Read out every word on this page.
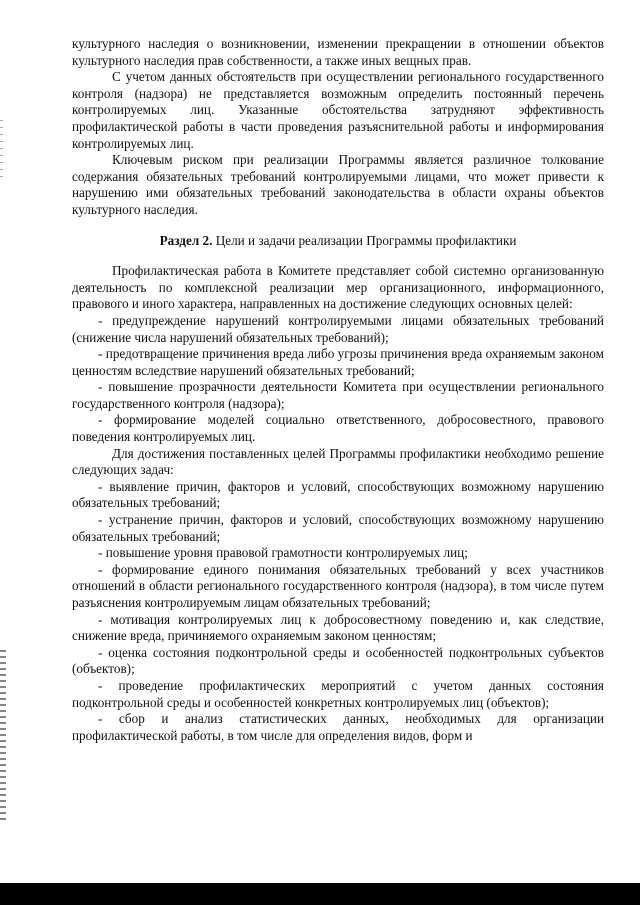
культурного наследия о возникновении, изменении прекращении в отношении объектов культурного наследия прав собственности, а также иных вещных прав.

С учетом данных обстоятельств при осуществлении регионального государственного контроля (надзора) не представляется возможным определить постоянный перечень контролируемых лиц. Указанные обстоятельства затрудняют эффективность профилактической работы в части проведения разъяснительной работы и информирования контролируемых лиц.

Ключевым риском при реализации Программы является различное толкование содержания обязательных требований контролируемыми лицами, что может привести к нарушению ими обязательных требований законодательства в области охраны объектов культурного наследия.

Раздел 2. Цели и задачи реализации Программы профилактики

Профилактическая работа в Комитете представляет собой системно организованную деятельность по комплексной реализации мер организационного, информационного, правового и иного характера, направленных на достижение следующих основных целей:

- предупреждение нарушений контролируемыми лицами обязательных требований (снижение числа нарушений обязательных требований);

- предотвращение причинения вреда либо угрозы причинения вреда охраняемым законом ценностям вследствие нарушений обязательных требований;

- повышение прозрачности деятельности Комитета при осуществлении регионального государственного контроля (надзора);

- формирование моделей социально ответственного, добросовестного, правового поведения контролируемых лиц.

Для достижения поставленных целей Программы профилактики необходимо решение следующих задач:

- выявление причин, факторов и условий, способствующих возможному нарушению обязательных требований;

- устранение причин, факторов и условий, способствующих возможному нарушению обязательных требований;

- повышение уровня правовой грамотности контролируемых лиц;

- формирование единого понимания обязательных требований у всех участников отношений в области регионального государственного контроля (надзора), в том числе путем разъяснения контролируемым лицам обязательных требований;

- мотивация контролируемых лиц к добросовестному поведению и, как следствие, снижение вреда, причиняемого охраняемым законом ценностям;

- оценка состояния подконтрольной среды и особенностей подконтрольных субъектов (объектов);

- проведение профилактических мероприятий с учетом данных состояния подконтрольной среды и особенностей конкретных контролируемых лиц (объектов);

- сбор и анализ статистических данных, необходимых для организации профилактической работы, в том числе для определения видов, форм и
